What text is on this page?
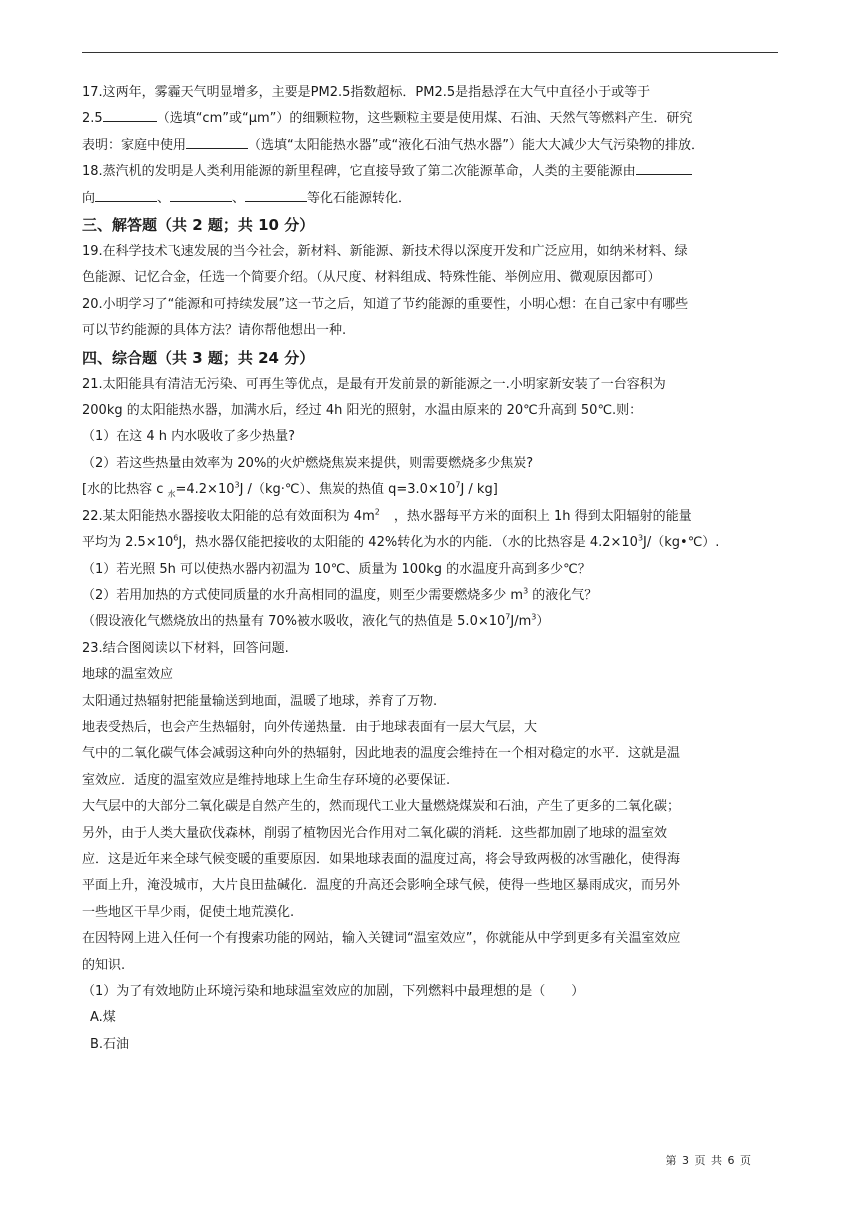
17.这两年，雾霾天气明显增多，主要是PM2.5指数超标．PM2.5是指悬浮在大气中直径小于或等于
2.5	（选填“cm”或“μm”）的细颗粒物，这些颗粒主要是使用煤、石油、天然气等燃料产生．研究
表明：家庭中使用	（选填“太阳能热水器”或“液化石油气热水器”）能大大减少大气污染物的排放．
18.蒸汽机的发明是人类利用能源的新里程碑，它直接导致了第二次能源革命，人类的主要能源由
向	、	、	等化石能源转化．
三、解答题（共 2 题；共 10 分）
19.在科学技术飞速发展的当今社会，新材料、新能源、新技术得以深度开发和广泛应用，如纳米材料、绿
色能源、记忆合金，任选一个简要介绍。（从尺度、材料组成、特殊性能、举例应用、微观原因都可）
20.小明学习了“能源和可持续发展”这一节之后，知道了节约能源的重要性，小明心想：在自己家中有哪些
可以节约能源的具体方法？请你帮他想出一种.
四、综合题（共 3 题；共 24 分）
21.太阳能具有清洁无污染、可再生等优点，是最有开发前景的新能源之一.小明家新安装了一台容积为
200kg 的太阳能热水器，加满水后，经过 4h 阳光的照射，水温由原来的 20℃升高到 50℃.则：
（1）在这 4 h 内水吸收了多少热量?
（2）若这些热量由效率为 20%的火炉燃烧焦炭来提供，则需要燃烧多少焦炭?
[水的比热容 c $_水=4.2\times 10^3J$ /（kg·℃）、焦炭的热值 $q=3.0\times 10^7J / kg$]
22.某太阳能热水器接收太阳能的总有效面积为 $4m^2$ ，热水器每平方米的面积上 1h 得到太阳辐射的能量
平均为 $2.5\times 10^6J$，热水器仅能把接收的太阳能的 42%转化为水的内能．（水的比热容是 $4.2\times 10^3J/(kg•℃)$.
（1）若光照 5h 可以使热水器内初温为 10℃、质量为 100kg 的水温度升高到多少℃？
（2）若用加热的方式使同质量的水升高相同的温度，则至少需要燃烧多少 $m^3$ 的液化气？
（假设液化气燃烧放出的热量有 70%被水吸收，液化气的热值是 $5.0\times 10^7J/m^3$）
23.结合图阅读以下材料，回答问题.
地球的温室效应
太阳通过热辐射把能量输送到地面，温暖了地球，养育了万物.
地表受热后，也会产生热辐射，向外传递热量．由于地球表面有一层大气层，大
气中的二氧化碳气体会减弱这种向外的热辐射，因此地表的温度会维持在一个相对稳定的水平．这就是温
室效应．适度的温室效应是维持地球上生命生存环境的必要保证.
大气层中的大部分二氧化碳是自然产生的，然而现代工业大量燃烧煤炭和石油，产生了更多的二氧化碳；
另外，由于人类大量砍伐森林，削弱了植物因光合作用对二氧化碳的消耗．这些都加剧了地球的温室效
应．这是近年来全球气候变暖的重要原因．如果地球表面的温度过高，将会导致两极的冰雪融化，使得海
平面上升，淹没城市，大片良田盐碱化．温度的升高还会影响全球气候，使得一些地区暴雨成灾，而另外
一些地区干旱少雨，促使土地荒漠化.
在因特网上进入任何一个有搜索功能的网站，输入关键词“温室效应”，你就能从中学到更多有关温室效应
的知识.
（1）为了有效地防止环境污染和地球温室效应的加剧，下列燃料中最理想的是（　　）
A.煤
B.石油
第 3 页 共 6 页
